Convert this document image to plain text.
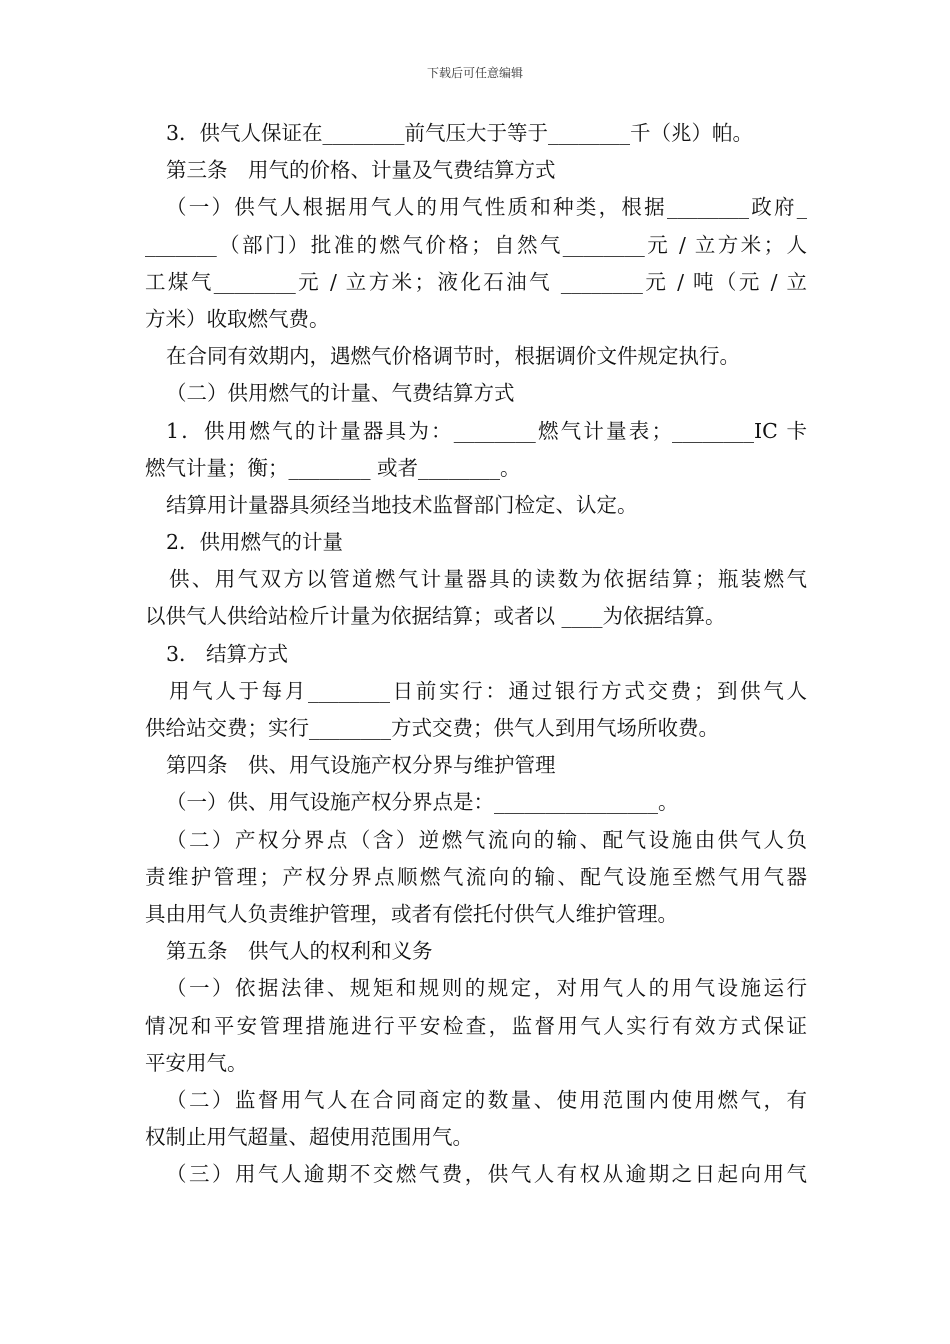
下载后可任意编辑
3．供气人保证在________前气压大于等于________千（兆）帕。
第三条　用气的价格、计量及气费结算方式
（一）供气人根据用气人的用气性质和种类，根据________政府_
_______（部门）批准的燃气价格；自然气________元 / 立方米；人
工煤气________元 / 立方米；液化石油气 ________元 / 吨（元 / 立
方米）收取燃气费。
在合同有效期内，遇燃气价格调节时，根据调价文件规定执行。
（二）供用燃气的计量、气费结算方式
1．供用燃气的计量器具为：________燃气计量表；________IC 卡
燃气计量；衡；________ 或者________。
结算用计量器具须经当地技术监督部门检定、认定。
2．供用燃气的计量
供、用气双方以管道燃气计量器具的读数为依据结算；瓶装燃气
以供气人供给站检斤计量为依据结算；或者以 ____为依据结算。
3． 结算方式
用气人于每月________日前实行：通过银行方式交费；到供气人
供给站交费；实行________方式交费；供气人到用气场所收费。
第四条　供、用气设施产权分界与维护管理
（一）供、用气设施产权分界点是：________________。
（二）产权分界点（含）逆燃气流向的输、配气设施由供气人负
责维护管理；产权分界点顺燃气流向的输、配气设施至燃气用气器
具由用气人负责维护管理，或者有偿托付供气人维护管理。
第五条　供气人的权利和义务
（一）依据法律、规矩和规则的规定，对用气人的用气设施运行
情况和平安管理措施进行平安检查，监督用气人实行有效方式保证
平安用气。
（二）监督用气人在合同商定的数量、使用范围内使用燃气，有
权制止用气超量、超使用范围用气。
（三）用气人逾期不交燃气费，供气人有权从逾期之日起向用气
